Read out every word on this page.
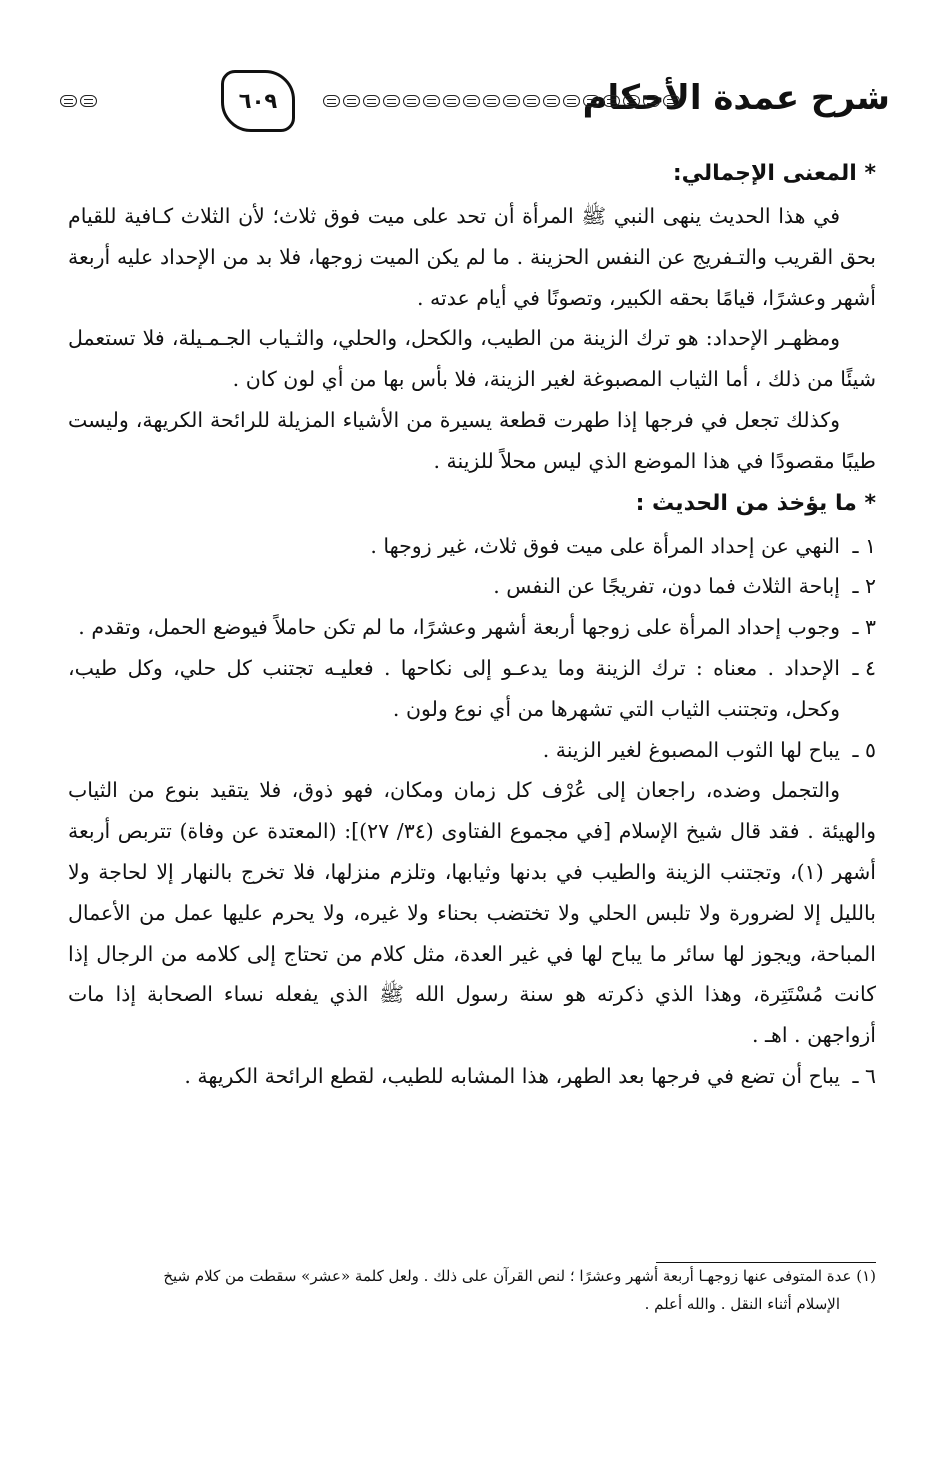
شرح عمدة الأحكام
٦٠٩

* المعنى الإجمالي:

في هذا الحديث ينهى النبي ﷺ المرأة أن تحد على ميت فوق ثلاث؛ لأن الثلاث كـافية للقيام بحق القريب والتـفريج عن النفس الحزينة . ما لم يكن الميت زوجها، فلا بد من الإحداد عليه أربعة أشهر وعشرًا، قيامًا بحقه الكبير، وتصونًا في أيام عدته .

ومظهـر الإحداد: هو ترك الزينة من الطيب، والكحل، والحلي، والثـياب الجـمـيلة، فلا تستعمل شيئًا من ذلك ، أما الثياب المصبوغة لغير الزينة، فلا بأس بها من أي لون كان .

وكذلك تجعل في فرجها إذا طهرت قطعة يسيرة من الأشياء المزيلة للرائحة الكريهة، وليست طيبًا مقصودًا في هذا الموضع الذي ليس محلاً للزينة .

* ما يؤخذ من الحديث :

١ ـ
النهي عن إحداد المرأة على ميت فوق ثلاث، غير زوجها .
٢ ـ
إباحة الثلاث فما دون، تفريجًا عن النفس .
٣ ـ
وجوب إحداد المرأة على زوجها أربعة أشهر وعشرًا، ما لم تكن حاملاً فيوضع الحمل، وتقدم .
٤ ـ
الإحداد . معناه : ترك الزينة وما يدعـو إلى نكاحها . فعليـه تجتنب كل حلي، وكل طيب، وكحل، وتجتنب الثياب التي تشهرها من أي نوع ولون .
٥ ـ
يباح لها الثوب المصبوغ لغير الزينة .

والتجمل وضده، راجعان إلى عُرْف كل زمان ومكان، فهو ذوق، فلا يتقيد بنوع من الثياب والهيئة . فقد قال شيخ الإسلام [في مجموع الفتاوى (٣٤/ ٢٧)]: (المعتدة عن وفاة) تتربص أربعة أشهر (١)، وتجتنب الزينة والطيب في بدنها وثيابها، وتلزم منزلها، فلا تخرج بالنهار إلا لحاجة ولا بالليل إلا لضرورة ولا تلبس الحلي ولا تختضب بحناء ولا غيره، ولا يحرم عليها عمل من الأعمال المباحة، ويجوز لها سائر ما يباح لها في غير العدة، مثل كلام من تحتاج إلى كلامه من الرجال إذا كانت مُسْتَتِرة، وهذا الذي ذكرته هو سنة رسول الله ﷺ الذي يفعله نساء الصحابة إذا مات أزواجهن . اهـ .

٦ ـ
يباح أن تضع في فرجها بعد الطهر، هذا المشابه للطيب، لقطع الرائحة الكريهة .

(١) عدة المتوفى عنها زوجهـا أربعة أشهر وعشرًا ؛ لنص القرآن على ذلك . ولعل كلمة «عشر» سقطت من كلام شيخ

الإسلام أثناء النقل . والله أعلم .
